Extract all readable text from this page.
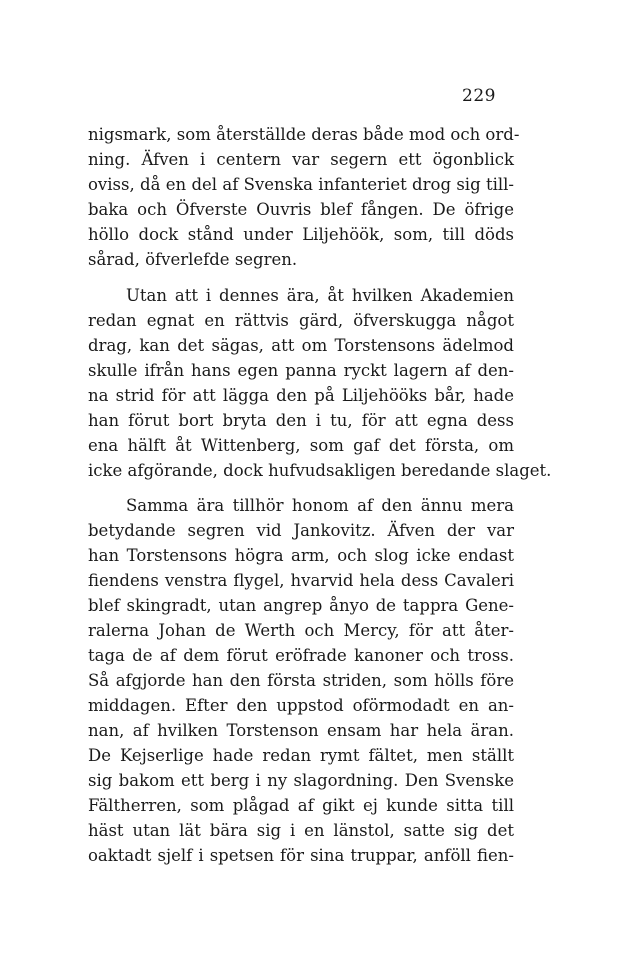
229
nigsmark, som återställde deras både mod och ord-
ning. Äfven i centern var segern ett ögonblick
oviss, då en del af Svenska infanteriet drog sig till-
baka och Öfverste Ouvris blef fången. De öfrige
höllo dock stånd under Liljehöök, som, till döds
sårad, öfverlefde segren.
Utan att i dennes ära, åt hvilken Akademien
redan egnat en rättvis gärd, öfverskugga något
drag, kan det sägas, att om Torstensons ädelmod
skulle ifrån hans egen panna ryckt lagern af den-
na strid för att lägga den på Liljehööks bår, hade
han förut bort bryta den i tu, för att egna dess
ena hälft åt Wittenberg, som gaf det första, om
icke afgörande, dock hufvudsakligen beredande slaget.
Samma ära tillhör honom af den ännu mera
betydande segren vid Jankovitz. Äfven der var
han Torstensons högra arm, och slog icke endast
fiendens venstra flygel, hvarvid hela dess Cavaleri
blef skingradt, utan angrep ånyo de tappra Gene-
ralerna Johan de Werth och Mercy, för att åter-
taga de af dem förut eröfrade kanoner och tross.
Så afgjorde han den första striden, som hölls före
middagen. Efter den uppstod oförmodadt en an-
nan, af hvilken Torstenson ensam har hela äran.
De Kejserlige hade redan rymt fältet, men ställt
sig bakom ett berg i ny slagordning. Den Svenske
Fältherren, som plågad af gikt ej kunde sitta till
häst utan lät bära sig i en länstol, satte sig det
oaktadt sjelf i spetsen för sina truppar, anföll fien-
